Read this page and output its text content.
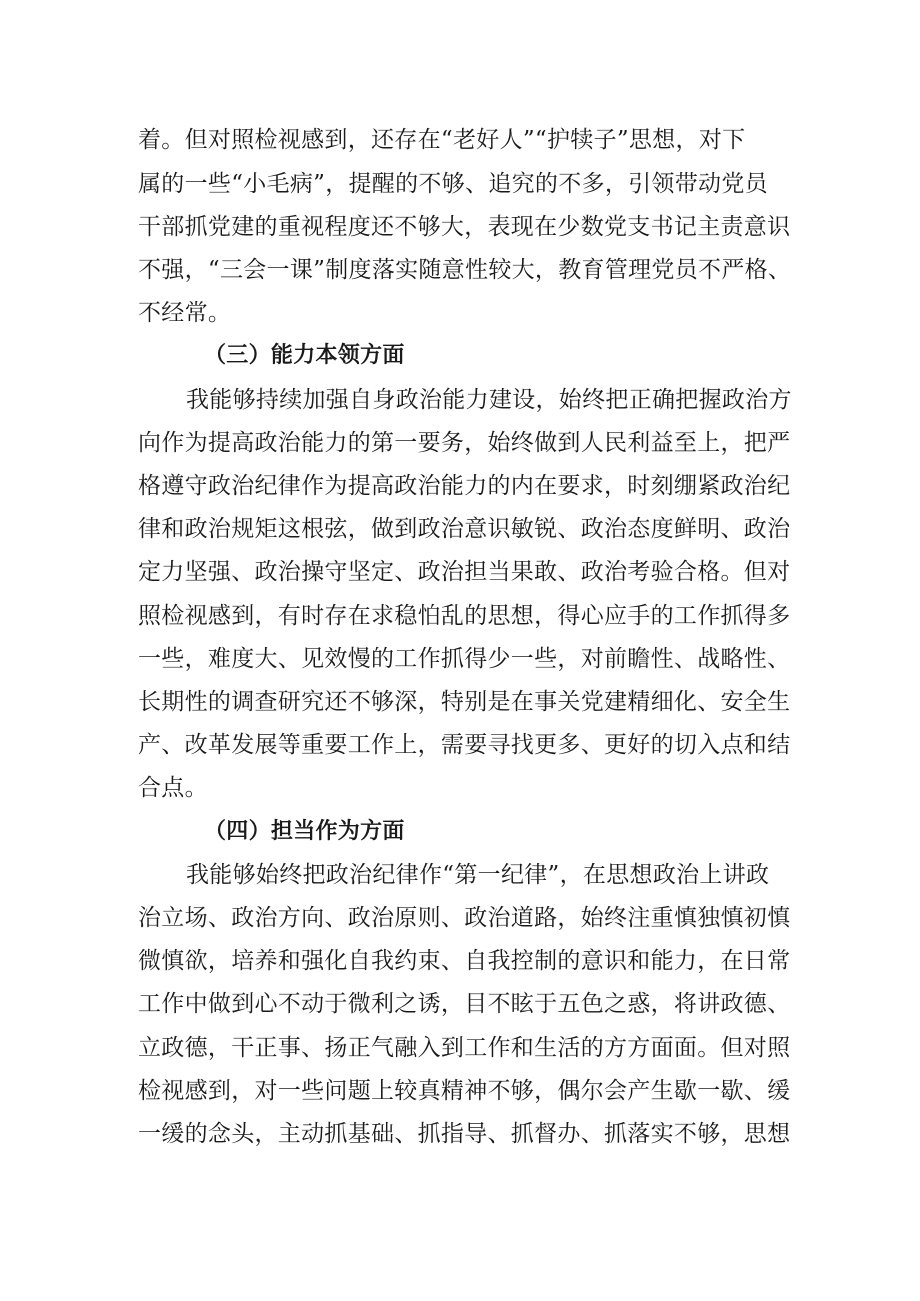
着。但对照检视感到，还存在“老好人”“护犊子”思想，对下
属的一些“小毛病”，提醒的不够、追究的不多，引领带动党员
干部抓党建的重视程度还不够大，表现在少数党支书记主责意识
不强，“三会一课”制度落实随意性较大，教育管理党员不严格、
不经常。
（三）能力本领方面
我能够持续加强自身政治能力建设，始终把正确把握政治方
向作为提高政治能力的第一要务，始终做到人民利益至上，把严
格遵守政治纪律作为提高政治能力的内在要求，时刻绷紧政治纪
律和政治规矩这根弦，做到政治意识敏锐、政治态度鲜明、政治
定力坚强、政治操守坚定、政治担当果敢、政治考验合格。但对
照检视感到，有时存在求稳怕乱的思想，得心应手的工作抓得多
一些，难度大、见效慢的工作抓得少一些，对前瞻性、战略性、
长期性的调查研究还不够深，特别是在事关党建精细化、安全生
产、改革发展等重要工作上，需要寻找更多、更好的切入点和结
合点。
（四）担当作为方面
我能够始终把政治纪律作“第一纪律”，在思想政治上讲政
治立场、政治方向、政治原则、政治道路，始终注重慎独慎初慎
微慎欲，培养和强化自我约束、自我控制的意识和能力，在日常
工作中做到心不动于微利之诱，目不眩于五色之惑，将讲政德、
立政德，干正事、扬正气融入到工作和生活的方方面面。但对照
检视感到，对一些问题上较真精神不够，偶尔会产生歇一歇、缓
一缓的念头，主动抓基础、抓指导、抓督办、抓落实不够，思想
